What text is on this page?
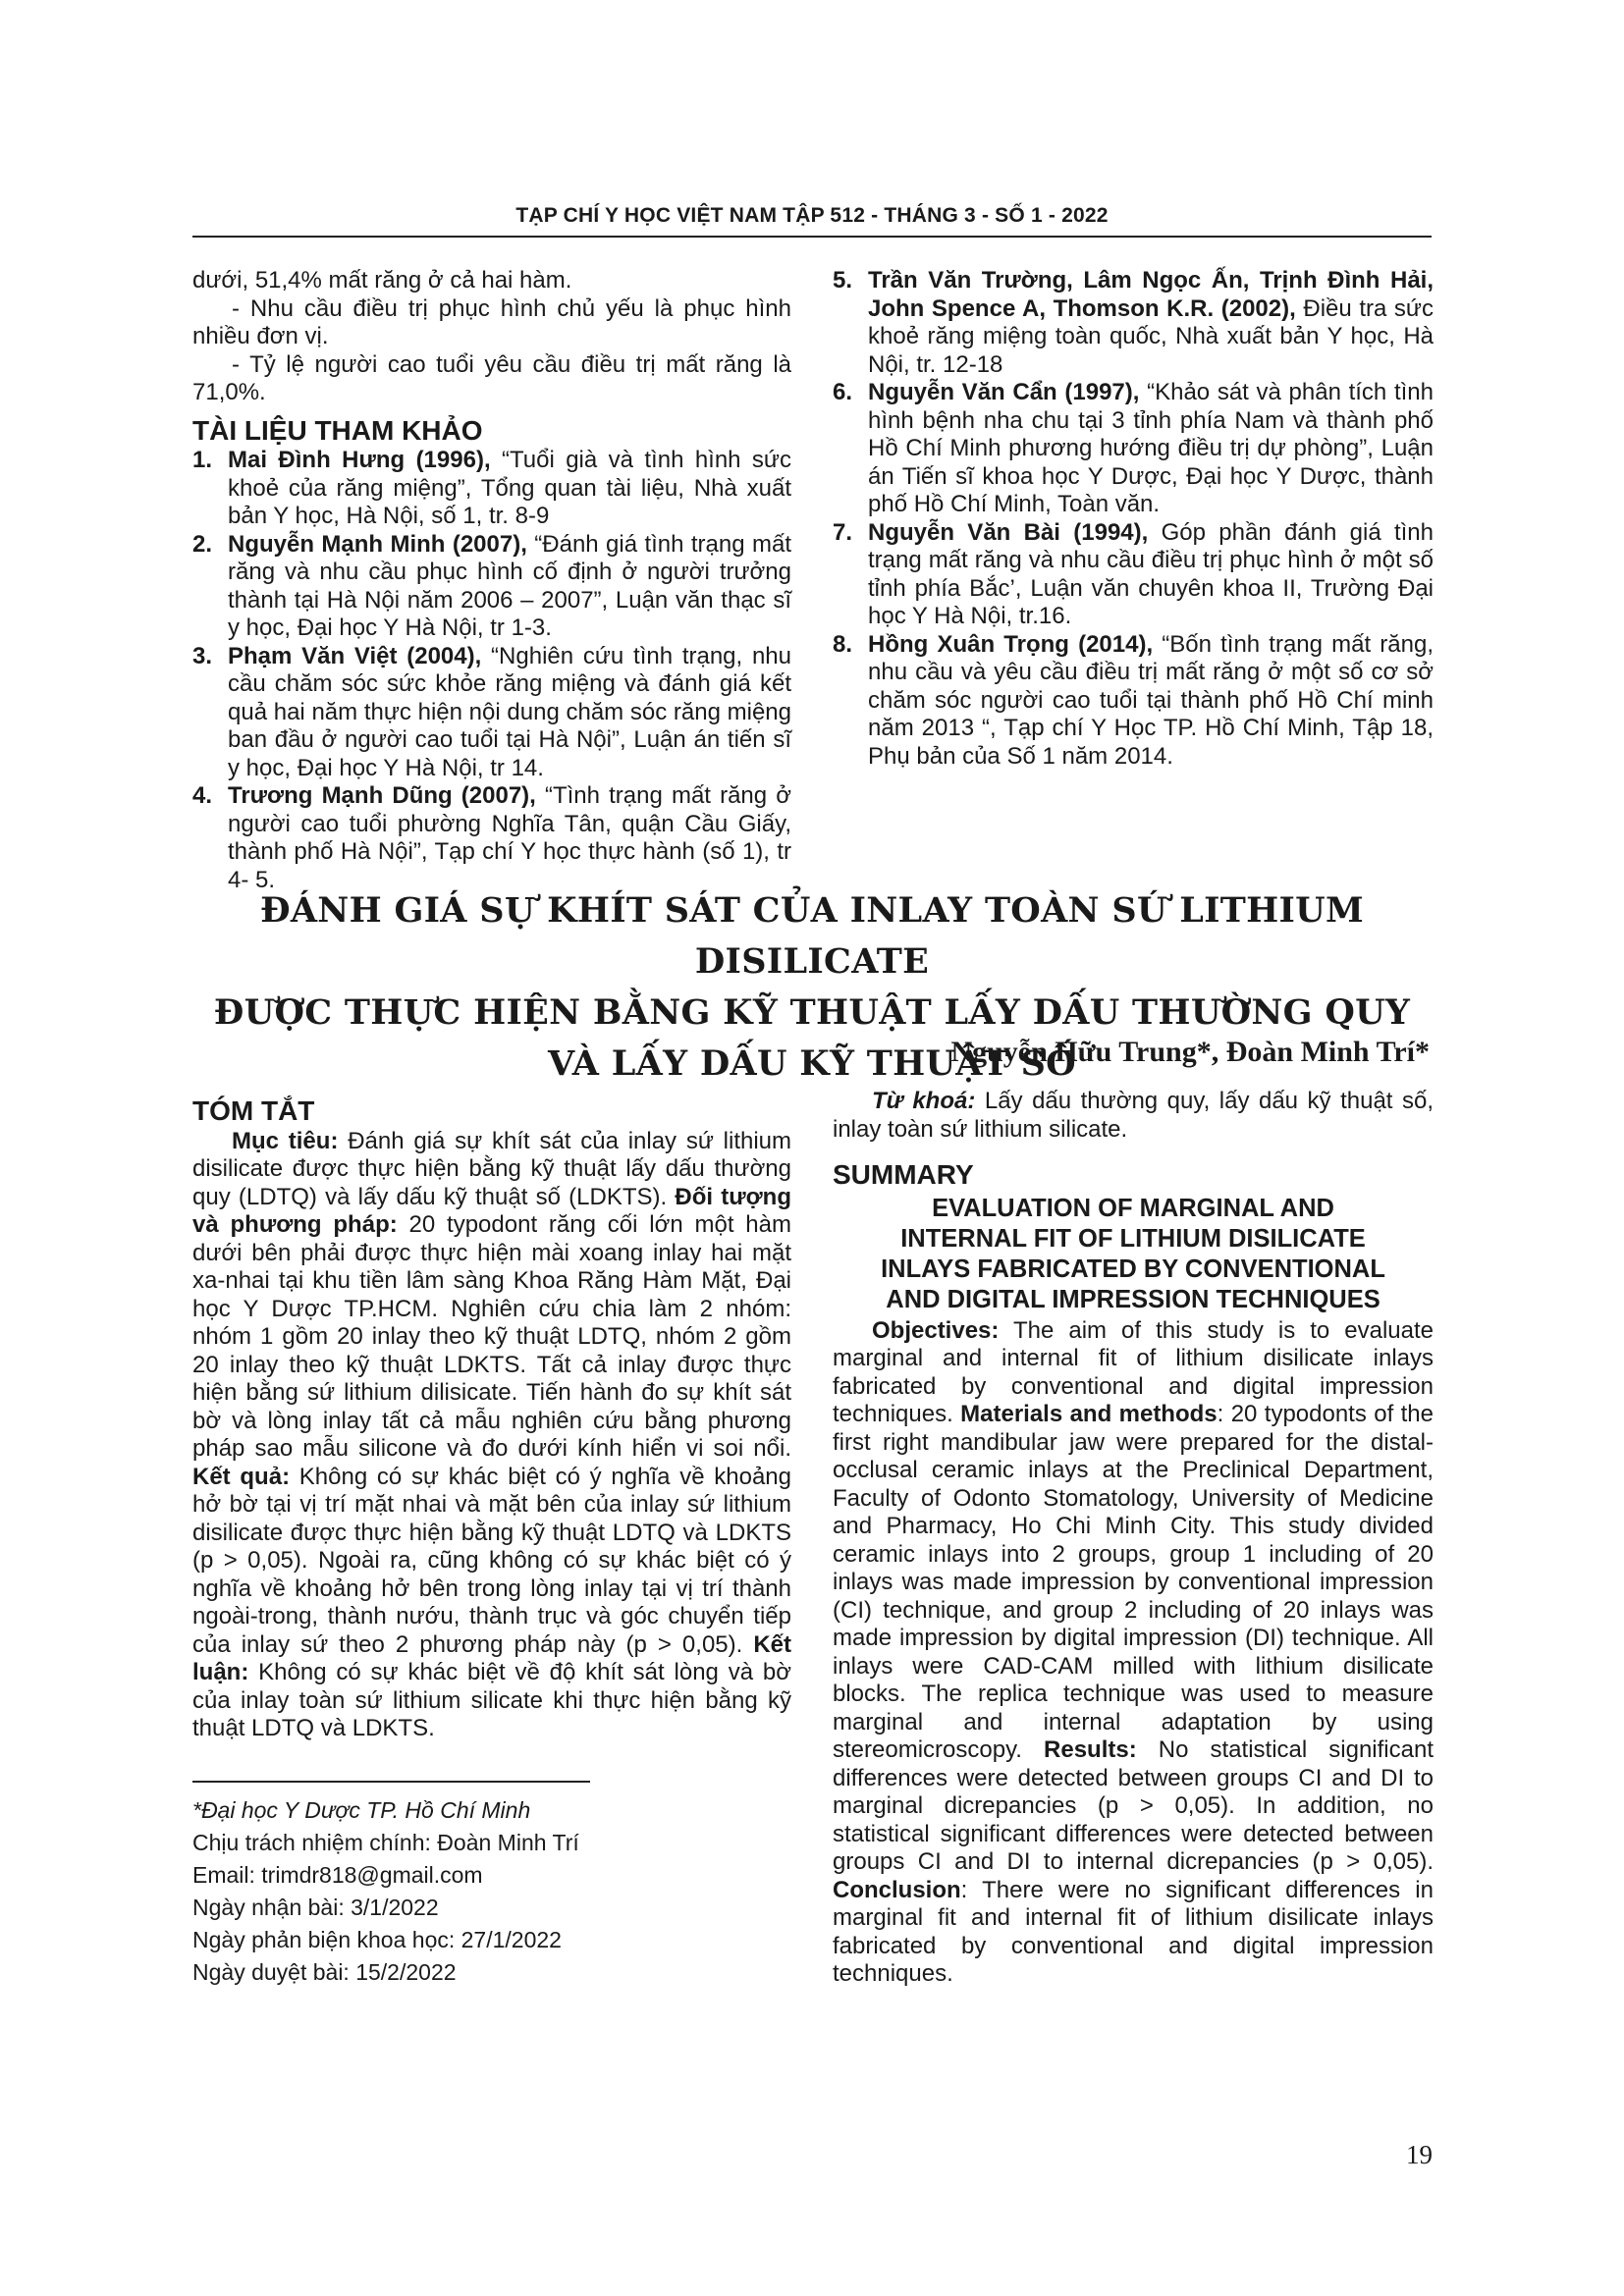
TẠP CHÍ Y HỌC VIỆT NAM TẬP 512 - THÁNG 3 - SỐ 1 - 2022

dưới, 51,4% mất răng ở cả hai hàm.

- Nhu cầu điều trị phục hình chủ yếu là phục hình nhiều đơn vị.

- Tỷ lệ người cao tuổi yêu cầu điều trị mất răng là 71,0%.

TÀI LIỆU THAM KHẢO
1. Mai Đình Hưng (1996), “Tuổi già và tình hình sức khoẻ của răng miệng”, Tổng quan tài liệu, Nhà xuất bản Y học, Hà Nội, số 1, tr. 8-9
2. Nguyễn Mạnh Minh (2007), “Đánh giá tình trạng mất răng và nhu cầu phục hình cố định ở người trưởng thành tại Hà Nội năm 2006 – 2007”, Luận văn thạc sĩ y học, Đại học Y Hà Nội, tr 1-3.
3. Phạm Văn Việt (2004), “Nghiên cứu tình trạng, nhu cầu chăm sóc sức khỏe răng miệng và đánh giá kết quả hai năm thực hiện nội dung chăm sóc răng miệng ban đầu ở người cao tuổi tại Hà Nội”, Luận án tiến sĩ y học, Đại học Y Hà Nội, tr 14.
4. Trương Mạnh Dũng (2007), “Tình trạng mất răng ở người cao tuổi phường Nghĩa Tân, quận Cầu Giấy, thành phố Hà Nội”, Tạp chí Y học thực hành (số 1), tr 4- 5.
5. Trần Văn Trường, Lâm Ngọc Ấn, Trịnh Đình Hải, John Spence A, Thomson K.R. (2002), Điều tra sức khoẻ răng miệng toàn quốc, Nhà xuất bản Y học, Hà Nội, tr. 12-18
6. Nguyễn Văn Cẩn (1997), “Khảo sát và phân tích tình hình bệnh nha chu tại 3 tỉnh phía Nam và thành phố Hồ Chí Minh phương hướng điều trị dự phòng”, Luận án Tiến sĩ khoa học Y Dược, Đại học Y Dược, thành phố Hồ Chí Minh, Toàn văn.
7. Nguyễn Văn Bài (1994), Góp phần đánh giá tình trạng mất răng và nhu cầu điều trị phục hình ở một số tỉnh phía Bắc’, Luận văn chuyên khoa II, Trường Đại học Y Hà Nội, tr.16.
8. Hồng Xuân Trọng (2014), “Bốn tình trạng mất răng, nhu cầu và yêu cầu điều trị mất răng ở một số cơ sở chăm sóc người cao tuổi tại thành phố Hồ Chí minh năm 2013 “, Tạp chí Y Học TP. Hồ Chí Minh, Tập 18, Phụ bản của Số 1 năm 2014.
ĐÁNH GIÁ SỰ KHÍT SÁT CỦA INLAY TOÀN SỨ LITHIUM DISILICATE
ĐƯỢC THỰC HIỆN BẰNG KỸ THUẬT LẤY DẤU THƯỜNG QUY
VÀ LẤY DẤU KỸ THUẬT SỐ
Nguyễn Hữu Trung*, Đoàn Minh Trí*
TÓM TẮT

Mục tiêu: Đánh giá sự khít sát của inlay sứ lithium disilicate được thực hiện bằng kỹ thuật lấy dấu thường quy (LDTQ) và lấy dấu kỹ thuật số (LDKTS). Đối tượng và phương pháp: 20 typodont răng cối lớn một hàm dưới bên phải được thực hiện mài xoang inlay hai mặt xa-nhai tại khu tiền lâm sàng Khoa Răng Hàm Mặt, Đại học Y Dược TP.HCM. Nghiên cứu chia làm 2 nhóm: nhóm 1 gồm 20 inlay theo kỹ thuật LDTQ, nhóm 2 gồm 20 inlay theo kỹ thuật LDKTS. Tất cả inlay được thực hiện bằng sứ lithium dilisicate. Tiến hành đo sự khít sát bờ và lòng inlay tất cả mẫu nghiên cứu bằng phương pháp sao mẫu silicone và đo dưới kính hiển vi soi nổi. Kết quả: Không có sự khác biệt có ý nghĩa về khoảng hở bờ tại vị trí mặt nhai và mặt bên của inlay sứ lithium disilicate được thực hiện bằng kỹ thuật LDTQ và LDKTS (p > 0,05). Ngoài ra, cũng không có sự khác biệt có ý nghĩa về khoảng hở bên trong lòng inlay tại vị trí thành ngoài-trong, thành nướu, thành trục và góc chuyển tiếp của inlay sứ theo 2 phương pháp này (p > 0,05). Kết luận: Không có sự khác biệt về độ khít sát lòng và bờ của inlay toàn sứ lithium silicate khi thực hiện bằng kỹ thuật LDTQ và LDKTS.

Từ khoá: Lấy dấu thường quy, lấy dấu kỹ thuật số, inlay toàn sứ lithium silicate.

SUMMARY
EVALUATION OF MARGINAL AND
INTERNAL FIT OF LITHIUM DISILICATE
INLAYS FABRICATED BY CONVENTIONAL
AND DIGITAL IMPRESSION TECHNIQUES

Objectives: The aim of this study is to evaluate marginal and internal fit of lithium disilicate inlays fabricated by conventional and digital impression techniques. Materials and methods: 20 typodonts of the first right mandibular jaw were prepared for the distal-occlusal ceramic inlays at the Preclinical Department, Faculty of Odonto Stomatology, University of Medicine and Pharmacy, Ho Chi Minh City. This study divided ceramic inlays into 2 groups, group 1 including of 20 inlays was made impression by conventional impression (CI) technique, and group 2 including of 20 inlays was made impression by digital impression (DI) technique. All inlays were CAD-CAM milled with lithium disilicate blocks. The replica technique was used to measure marginal and internal adaptation by using stereomicroscopy. Results: No statistical significant differences were detected between groups CI and DI to marginal dicrepancies (p > 0,05). In addition, no statistical significant differences were detected between groups CI and DI to internal dicrepancies (p > 0,05). Conclusion: There were no significant differences in marginal fit and internal fit of lithium disilicate inlays fabricated by conventional and digital impression techniques.

*Đại học Y Dược TP. Hồ Chí Minh
Chịu trách nhiệm chính: Đoàn Minh Trí
Email: trimdr818@gmail.com
Ngày nhận bài: 3/1/2022
Ngày phản biện khoa học: 27/1/2022
Ngày duyệt bài: 15/2/2022
19
